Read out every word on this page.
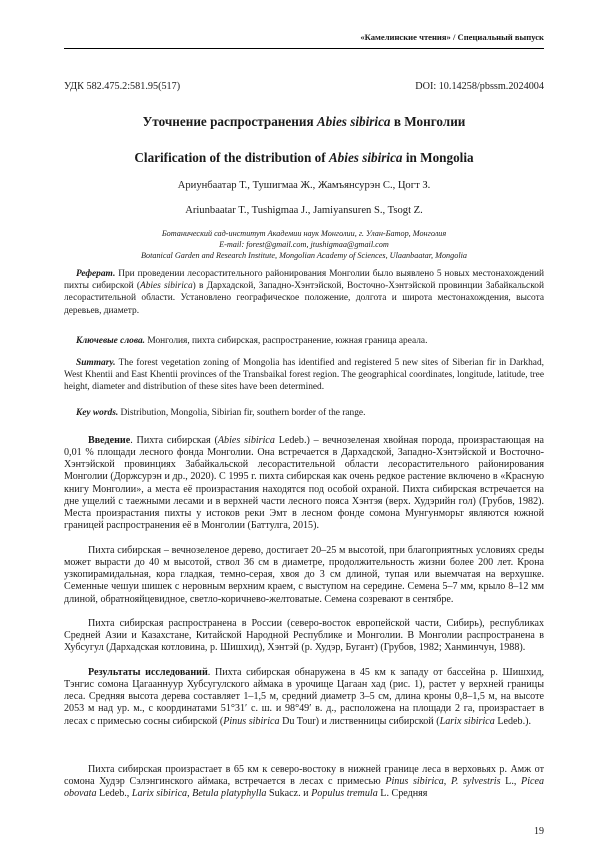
«Камелинские чтения» / Специальный выпуск
УДК 582.475.2:581.95(517)	DOI: 10.14258/pbssm.2024004
Уточнение распространения Abies sibirica в Монголии
Clarification of the distribution of Abies sibirica in Mongolia
Ариунбаатар Т., Тушигмаа Ж., Жамъянсурэн С., Цогт З.
Ariunbaatar T., Tushigmaa J., Jamiyansuren S., Tsogt Z.
Ботанический сад-институт Академии наук Монголии, г. Улан-Батор, Монголия
E-mail: forest@gmail.com, jtushigmaa@gmail.com
Botanical Garden and Research Institute, Mongolian Academy of Sciences, Ulaanbaatar, Mongolia
Реферат. При проведении лесорастительного районирования Монголии было выявлено 5 новых местонахождений пихты сибирской (Abies sibirica) в Дархадской, Западно-Хэнтэйской, Восточно-Хэнтэйской провинции Забайкальской лесорастительной области. Установлено географическое положение, долгота и широта местонахождения, высота деревьев, диаметр.
Ключевые слова. Монголия, пихта сибирская, распространение, южная граница ареала.
Summary. The forest vegetation zoning of Mongolia has identified and registered 5 new sites of Siberian fir in Darkhad, West Khentii and East Khentii provinces of the Transbaikal forest region. The geographical coordinates, longitude, latitude, tree height, diameter and distribution of these sites have been determined.
Key words. Distribution, Mongolia, Sibirian fir, southern border of the range.

Введение. Пихта сибирская (Abies sibirica Ledeb.) – вечнозеленая хвойная порода, произрастающая на 0,01 % площади лесного фонда Монголии. Она встречается в Дархадской, Западно-Хэнтэйской и Восточно-Хэнтэйской провинциях Забайкальской лесорастительной области лесорастительного районирования Монголии (Доржсурэн и др., 2020). С 1995 г. пихта сибирская как очень редкое растение включено в «Красную книгу Монголии», а места её произрастания находятся под особой охраной. Пихта сибирская встречается на дне ущелий с таежными лесами и в верхней части лесного пояса Хэнтэя (верх. Худэрийн гол) (Грубов, 1982). Места произрастания пихты у истоков реки Эмт в лесном фонде сомона Мунгунморьт являются южной границей распространения её в Монголии (Баттулга, 2015).

Пихта сибирская – вечнозеленое дерево, достигает 20–25 м высотой, при благоприятных условиях среды может вырасти до 40 м высотой, ствол 36 см в диаметре, продолжительность жизни более 200 лет. Крона узкопирамидальная, кора гладкая, темно-серая, хвоя до 3 см длиной, тупая или выемчатая на верхушке. Семенные чешуи шишек с неровным верхним краем, с выступом на середине. Семена 5–7 мм, крыло 8–12 мм длиной, обратнояйцевидное, светло-коричнево-желтоватые. Семена созревают в сентябре.

Пихта сибирская распространена в России (северо-восток европейской части, Сибирь), республиках Средней Азии и Казахстане, Китайской Народной Республике и Монголии. В Монголии распространена в Хубсугул (Дархадская котловина, р. Шишхид), Хэнтэй (р. Худэр, Бугант) (Грубов, 1982; Ханминчун, 1988).

Результаты исследований. Пихта сибирская обнаружена в 45 км к западу от бассейна р. Шишхид, Тэнгис сомона Цагааннуур Хубсугулского аймака в урочище Цагаан хад (рис. 1), растет у верхней границы леса. Средняя высота дерева составляет 1–1,5 м, средний диаметр 3–5 см, длина кроны 0,8–1,5 м, на высоте 2053 м над ур. м., с координатами 51°31′ с. ш. и 98°49′ в. д., расположена на площади 2 га, произрастает в лесах с примесью сосны сибирской (Pinus sibirica Du Tour) и лиственницы сибирской (Larix sibirica Ledeb.).

Пихта сибирская произрастает в 65 км к северо-востоку в нижней границе леса в верховьях р. Амж от сомона Худэр Сэлэнгинского аймака, встречается в лесах с примесью Pinus sibirica, P. sylvestris L., Picea obovata Ledeb., Larix sibirica, Betula platyphylla Sukacz. и Populus tremula L. Средняя

19
